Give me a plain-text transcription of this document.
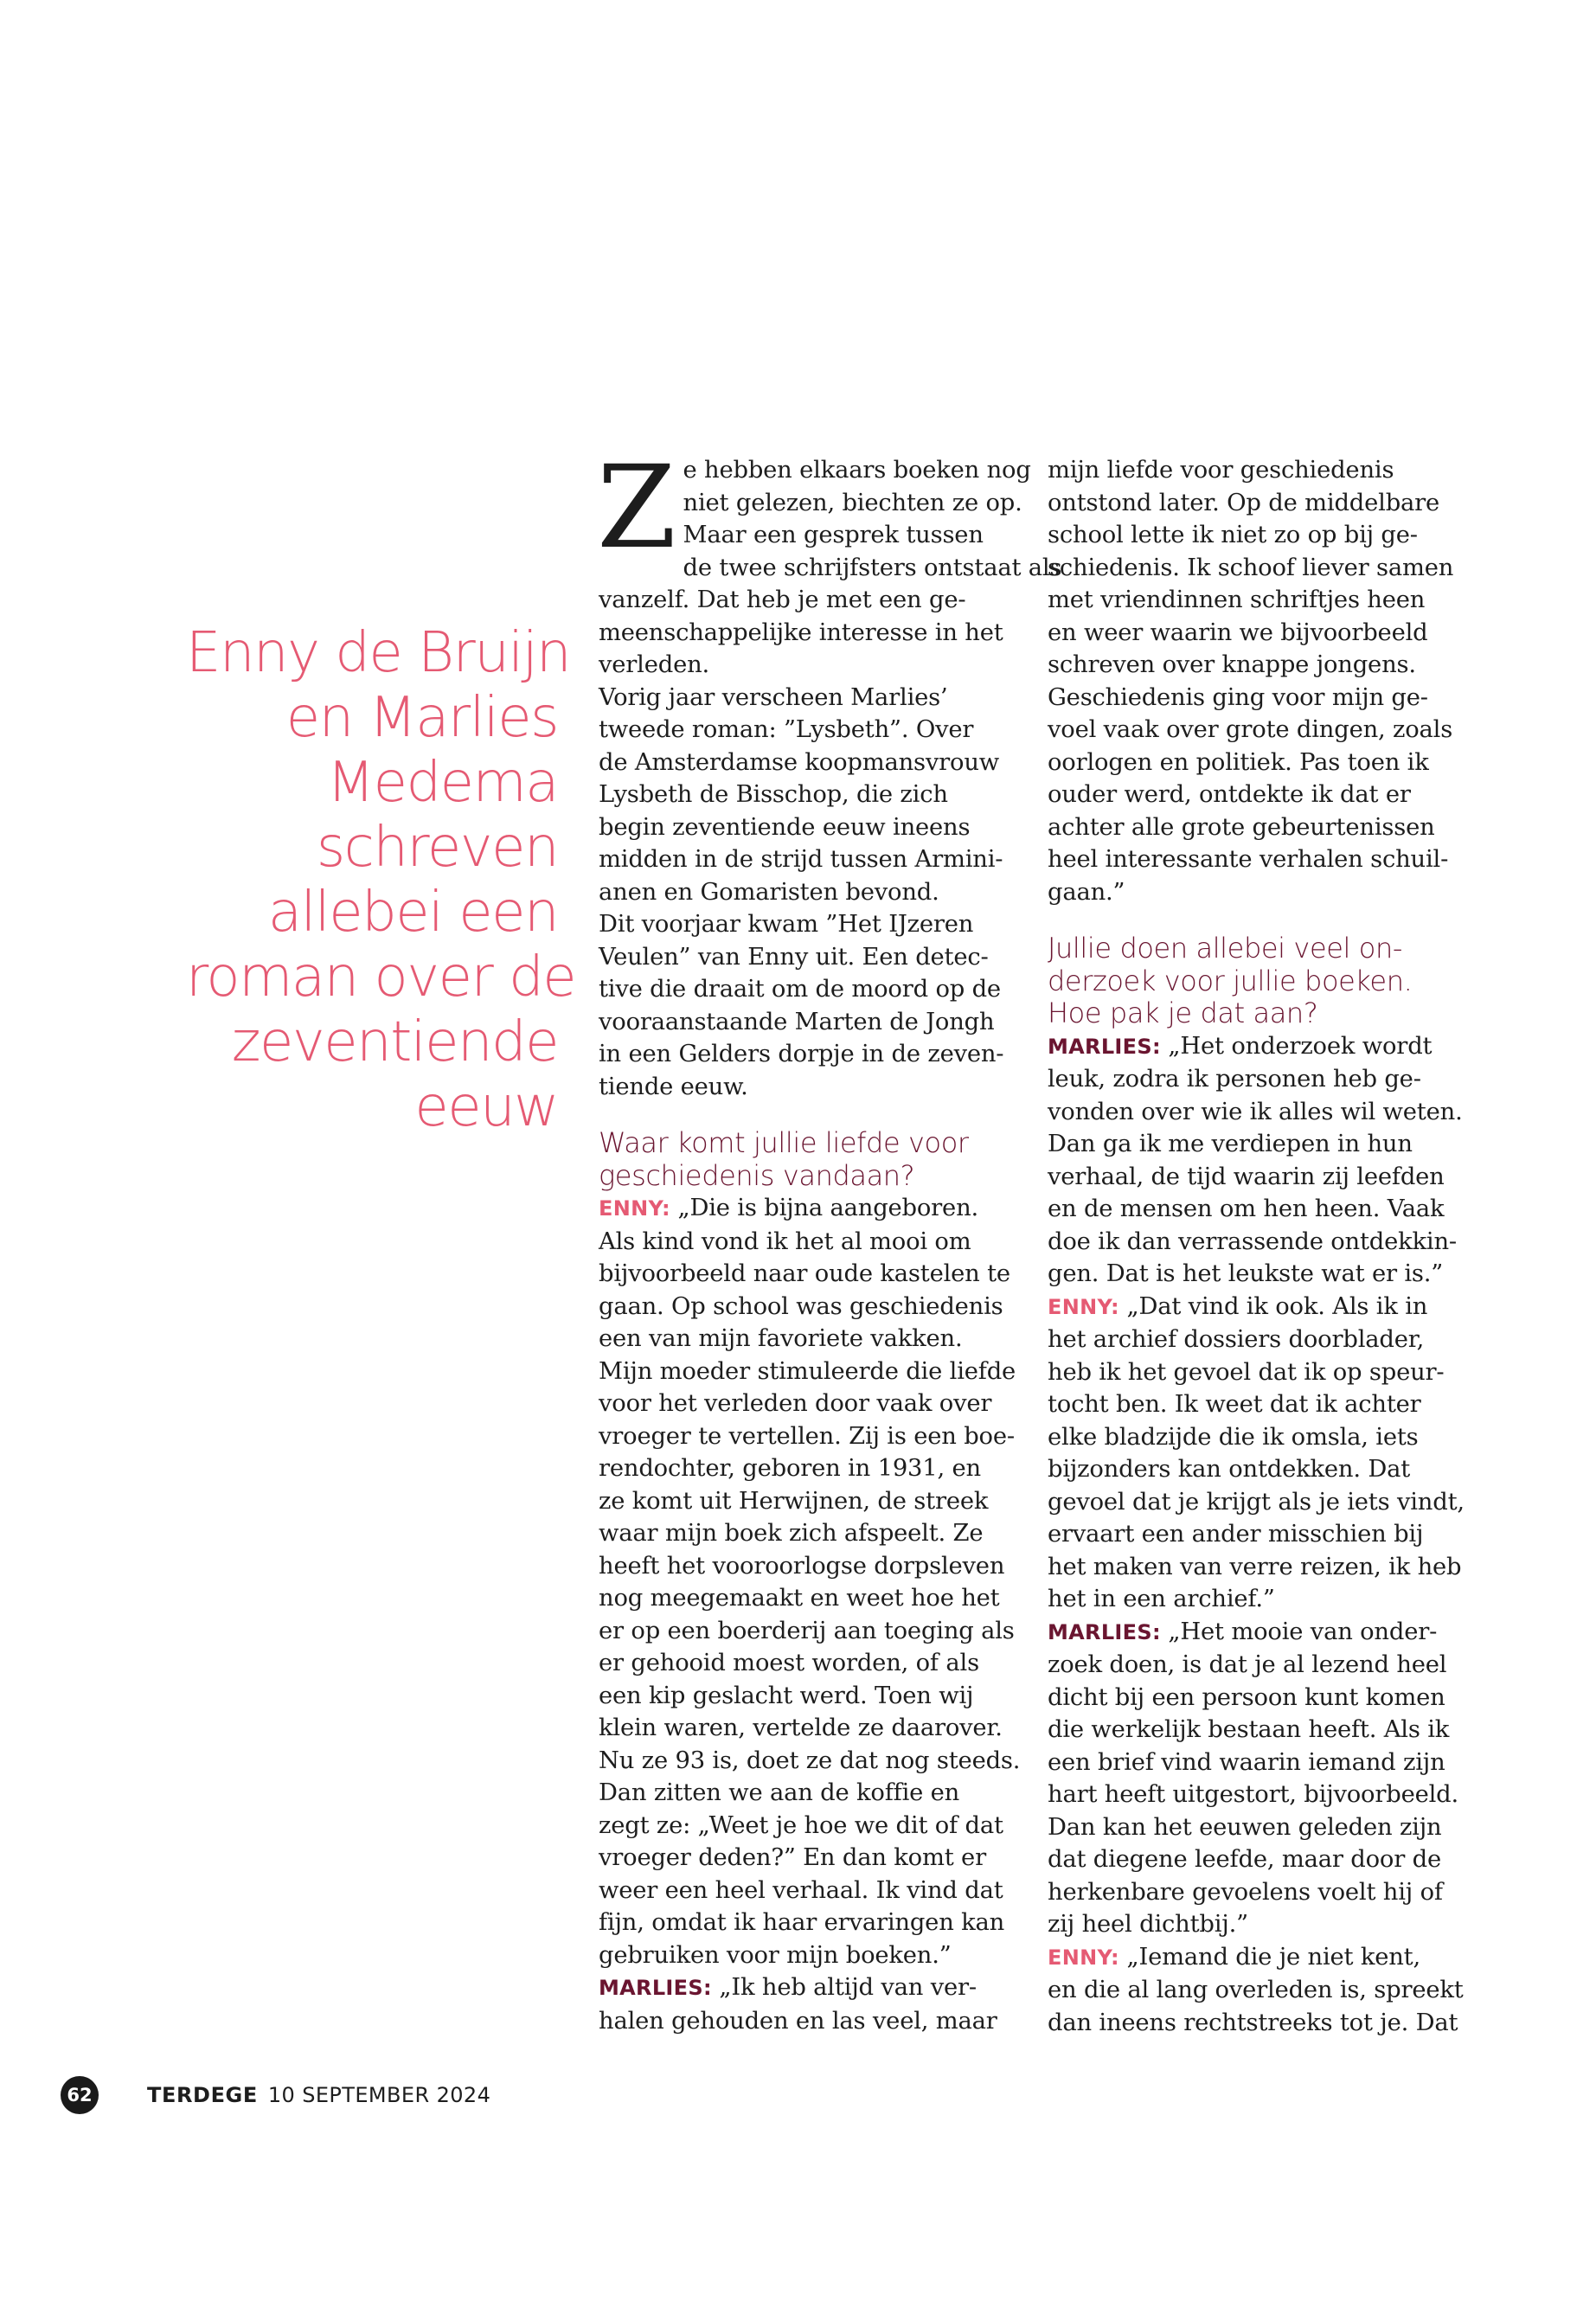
Enny de Bruijn
en Marlies
Medema
schreven
allebei een
roman over de
zeventiende
eeuw
Z e hebben elkaars boeken nog
niet gelezen, biechten ze op.
Maar een gesprek tussen
de twee schrijfsters ontstaat als
vanzelf. Dat heb je met een ge-
meenschappelijke interesse in het
verleden.
Vorig jaar verscheen Marlies’
tweede roman: ”Lysbeth”. Over
de Amsterdamse koopmansvrouw
Lysbeth de Bisschop, die zich
begin zeventiende eeuw ineens
midden in de strijd tussen Armini-
anen en Gomaristen bevond.
Dit voorjaar kwam ”Het IJzeren
Veulen” van Enny uit. Een detec-
tive die draait om de moord op de
vooraanstaande Marten de Jongh
in een Gelders dorpje in de zeven-
tiende eeuw.
Waar komt jullie liefde voor
geschiedenis vandaan?
ENNY: „Die is bijna aangeboren.
Als kind vond ik het al mooi om
bijvoorbeeld naar oude kastelen te
gaan. Op school was geschiedenis
een van mijn favoriete vakken.
Mijn moeder stimuleerde die liefde
voor het verleden door vaak over
vroeger te vertellen. Zij is een boe-
rendochter, geboren in 1931, en
ze komt uit Herwijnen, de streek
waar mijn boek zich afspeelt. Ze
heeft het vooroorlogse dorpsleven
nog meegemaakt en weet hoe het
er op een boerderij aan toeging als
er gehooid moest worden, of als
een kip geslacht werd. Toen wij
klein waren, vertelde ze daarover.
Nu ze 93 is, doet ze dat nog steeds.
Dan zitten we aan de koffie en
zegt ze: „Weet je hoe we dit of dat
vroeger deden?” En dan komt er
weer een heel verhaal. Ik vind dat
fijn, omdat ik haar ervaringen kan
gebruiken voor mijn boeken.”
MARLIES: „Ik heb altijd van ver-
halen gehouden en las veel, maar
mijn liefde voor geschiedenis
ontstond later. Op de middelbare
school lette ik niet zo op bij ge-
schiedenis. Ik schoof liever samen
met vriendinnen schriftjes heen
en weer waarin we bijvoorbeeld
schreven over knappe jongens.
Geschiedenis ging voor mijn ge-
voel vaak over grote dingen, zoals
oorlogen en politiek. Pas toen ik
ouder werd, ontdekte ik dat er
achter alle grote gebeurtenissen
heel interessante verhalen schuil-
gaan.”
Jullie doen allebei veel on-
derzoek voor jullie boeken.
Hoe pak je dat aan?
MARLIES: „Het onderzoek wordt
leuk, zodra ik personen heb ge-
vonden over wie ik alles wil weten.
Dan ga ik me verdiepen in hun
verhaal, de tijd waarin zij leefden
en de mensen om hen heen. Vaak
doe ik dan verrassende ontdekkin-
gen. Dat is het leukste wat er is.”
ENNY: „Dat vind ik ook. Als ik in
het archief dossiers doorblader,
heb ik het gevoel dat ik op speur-
tocht ben. Ik weet dat ik achter
elke bladzijde die ik omsla, iets
bijzonders kan ontdekken. Dat
gevoel dat je krijgt als je iets vindt,
ervaart een ander misschien bij
het maken van verre reizen, ik heb
het in een archief.”
MARLIES: „Het mooie van onder-
zoek doen, is dat je al lezend heel
dicht bij een persoon kunt komen
die werkelijk bestaan heeft. Als ik
een brief vind waarin iemand zijn
hart heeft uitgestort, bijvoorbeeld.
Dan kan het eeuwen geleden zijn
dat diegene leefde, maar door de
herkenbare gevoelens voelt hij of
zij heel dichtbij.”
ENNY: „Iemand die je niet kent,
en die al lang overleden is, spreekt
dan ineens rechtstreeks tot je. Dat
62	TERDEGE 10 SEPTEMBER 2024
